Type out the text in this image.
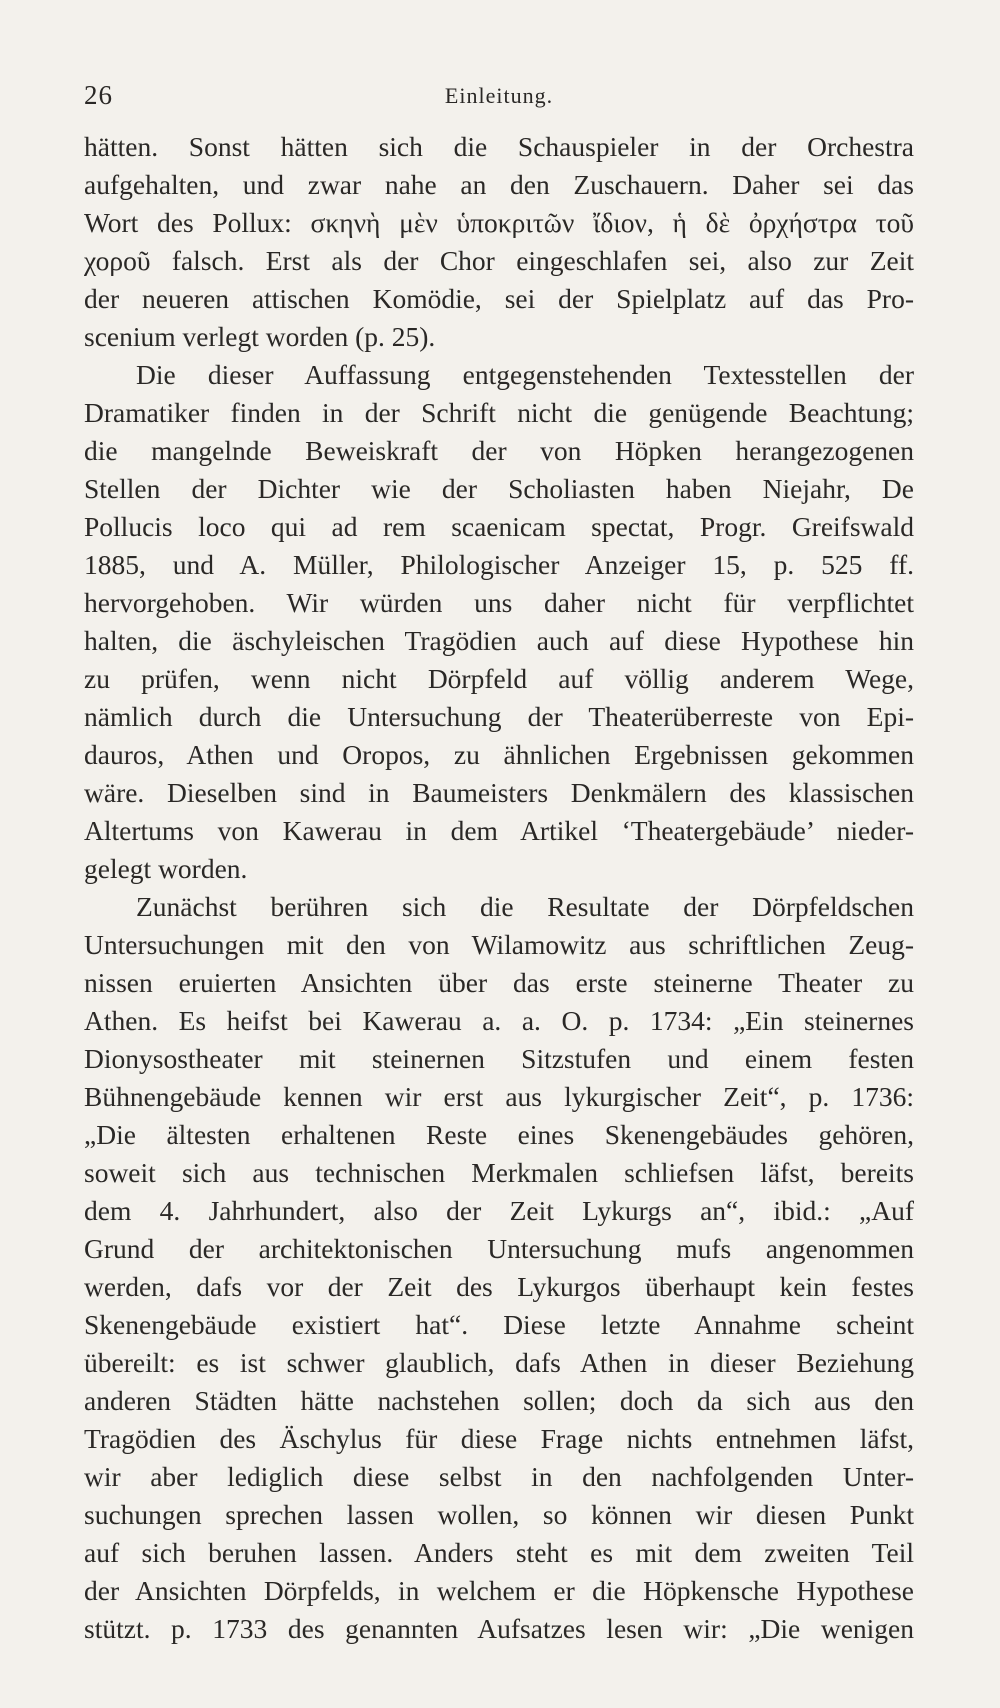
26	Einleitung.
hätten. Sonst hätten sich die Schauspieler in der Orchestra
aufgehalten, und zwar nahe an den Zuschauern. Daher sei das
Wort des Pollux: σκηνὴ μὲν ὑποκριτῶν ἴδιον, ἡ δὲ ὀρχήστρα τοῦ
χοροῦ falsch. Erst als der Chor eingeschlafen sei, also zur Zeit
der neueren attischen Komödie, sei der Spielplatz auf das Pro-
scenium verlegt worden (p. 25).
Die dieser Auffassung entgegenstehenden Textesstellen der
Dramatiker finden in der Schrift nicht die genügende Beachtung;
die mangelnde Beweiskraft der von Höpken herangezogenen
Stellen der Dichter wie der Scholiasten haben Niejahr, De
Pollucis loco qui ad rem scaenicam spectat, Progr. Greifswald
1885, und A. Müller, Philologischer Anzeiger 15, p. 525 ff.
hervorgehoben. Wir würden uns daher nicht für verpflichtet
halten, die äschyleischen Tragödien auch auf diese Hypothese hin
zu prüfen, wenn nicht Dörpfeld auf völlig anderem Wege,
nämlich durch die Untersuchung der Theaterüberreste von Epi-
dauros, Athen und Oropos, zu ähnlichen Ergebnissen gekommen
wäre. Dieselben sind in Baumeisters Denkmälern des klassischen
Altertums von Kawerau in dem Artikel ‘Theatergebäude’ nieder-
gelegt worden.
Zunächst berühren sich die Resultate der Dörpfeldschen
Untersuchungen mit den von Wilamowitz aus schriftlichen Zeug-
nissen eruierten Ansichten über das erste steinerne Theater zu
Athen. Es heifst bei Kawerau a. a. O. p. 1734: „Ein steinernes
Dionysostheater mit steinernen Sitzstufen und einem festen
Bühnengebäude kennen wir erst aus lykurgischer Zeit“, p. 1736:
„Die ältesten erhaltenen Reste eines Skenengebäudes gehören,
soweit sich aus technischen Merkmalen schliefsen läfst, bereits
dem 4. Jahrhundert, also der Zeit Lykurgs an“, ibid.: „Auf
Grund der architektonischen Untersuchung mufs angenommen
werden, dafs vor der Zeit des Lykurgos überhaupt kein festes
Skenengebäude existiert hat“. Diese letzte Annahme scheint
übereilt: es ist schwer glaublich, dafs Athen in dieser Beziehung
anderen Städten hätte nachstehen sollen; doch da sich aus den
Tragödien des Äschylus für diese Frage nichts entnehmen läfst,
wir aber lediglich diese selbst in den nachfolgenden Unter-
suchungen sprechen lassen wollen, so können wir diesen Punkt
auf sich beruhen lassen. Anders steht es mit dem zweiten Teil
der Ansichten Dörpfelds, in welchem er die Höpkensche Hypothese
stützt. p. 1733 des genannten Aufsatzes lesen wir: „Die wenigen
